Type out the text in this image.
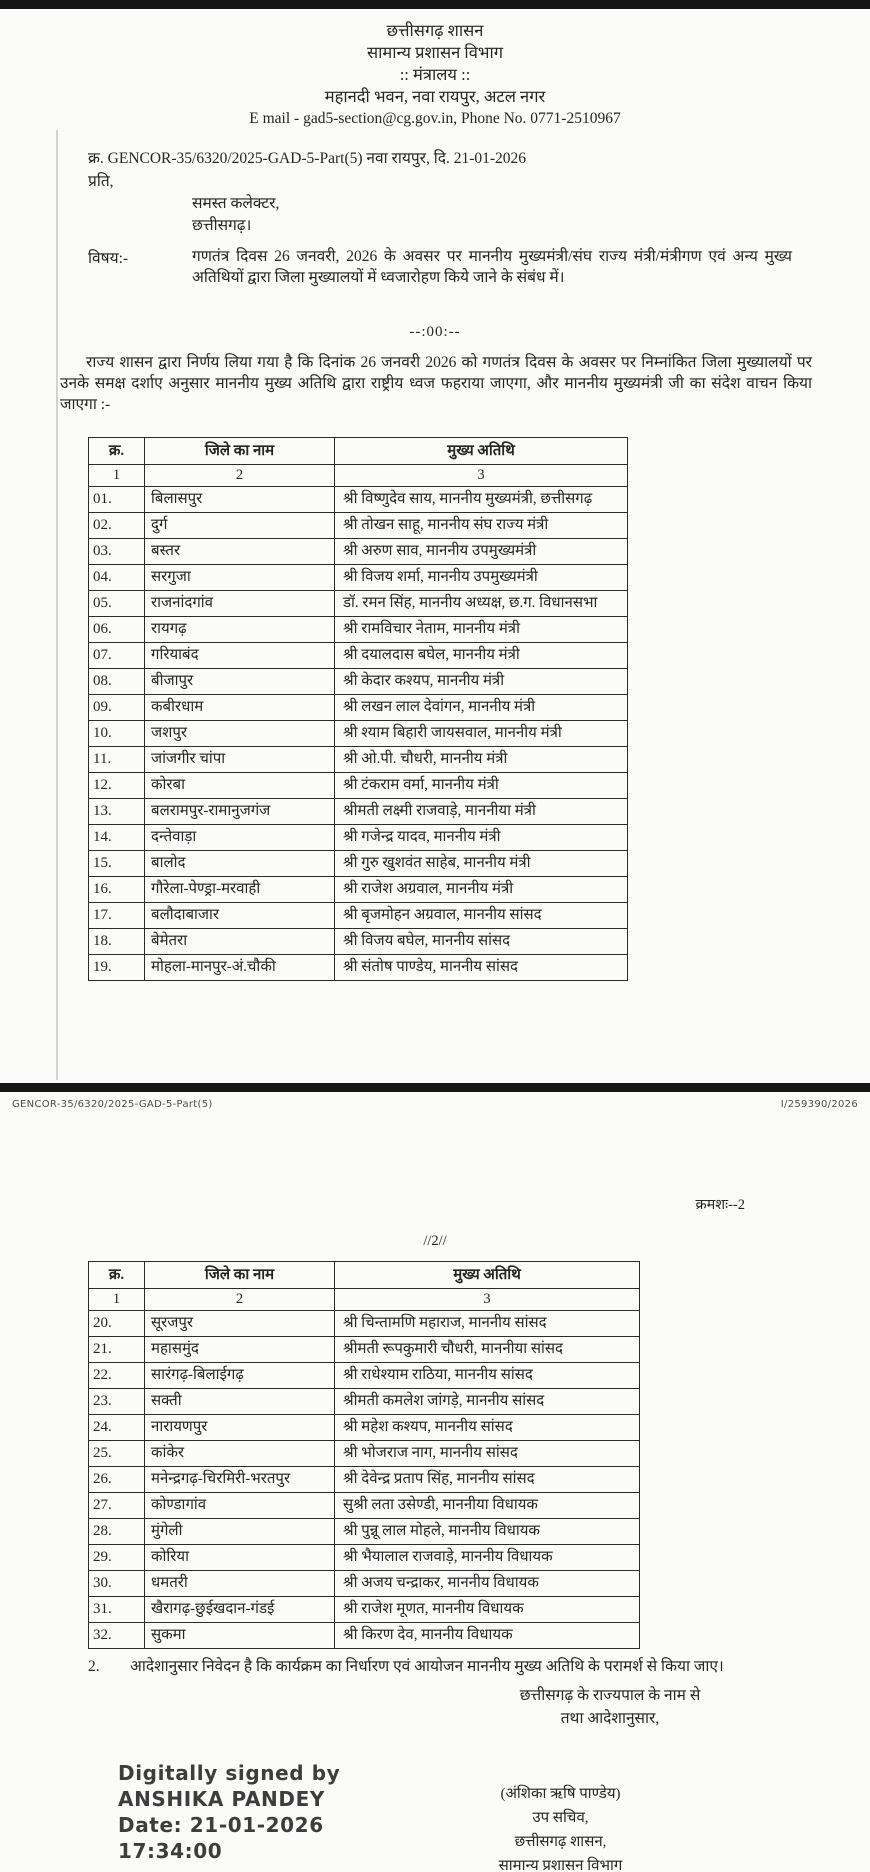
छत्तीसगढ़ शासन
सामान्य प्रशासन विभाग
:: मंत्रालय ::
महानदी भवन, नवा रायपुर, अटल नगर
E mail - gad5-section@cg.gov.in, Phone No. 0771-2510967
क्र. GENCOR-35/6320/2025-GAD-5-Part(5) नवा रायपुर, दि. 21-01-2026
प्रति,
समस्त कलेक्टर,
छत्तीसगढ़।
विषय:-	गणतंत्र दिवस 26 जनवरी, 2026 के अवसर पर माननीय मुख्यमंत्री/संघ राज्य मंत्री/मंत्रीगण एवं अन्य मुख्य अतिथियों द्वारा जिला मुख्यालयों में ध्वजारोहण किये जाने के संबंध में।
--:00:--
राज्य शासन द्वारा निर्णय लिया गया है कि दिनांक 26 जनवरी 2026 को गणतंत्र दिवस के अवसर पर निम्नांकित जिला मुख्यालयों पर उनके समक्ष दर्शाए अनुसार माननीय मुख्य अतिथि द्वारा राष्ट्रीय ध्वज फहराया जाएगा, और माननीय मुख्यमंत्री जी का संदेश वाचन किया जाएगा :-
क्र.	जिले का नाम	मुख्य अतिथि
1	2	3
01.	बिलासपुर	श्री विष्णुदेव साय, माननीय मुख्यमंत्री, छत्तीसगढ़
02.	दुर्ग	श्री तोखन साहू, माननीय संघ राज्य मंत्री
03.	बस्तर	श्री अरुण साव, माननीय उपमुख्यमंत्री
04.	सरगुजा	श्री विजय शर्मा, माननीय उपमुख्यमंत्री
05.	राजनांदगांव	डॉ. रमन सिंह, माननीय अध्यक्ष, छ.ग. विधानसभा
06.	रायगढ़	श्री रामविचार नेताम, माननीय मंत्री
07.	गरियाबंद	श्री दयालदास बघेल, माननीय मंत्री
08.	बीजापुर	श्री केदार कश्यप, माननीय मंत्री
09.	कबीरधाम	श्री लखन लाल देवांगन, माननीय मंत्री
10.	जशपुर	श्री श्याम बिहारी जायसवाल, माननीय मंत्री
11.	जांजगीर चांपा	श्री ओ.पी. चौधरी, माननीय मंत्री
12.	कोरबा	श्री टंकराम वर्मा, माननीय मंत्री
13.	बलरामपुर-रामानुजगंज	श्रीमती लक्ष्मी राजवाड़े, माननीया मंत्री
14.	दन्तेवाड़ा	श्री गजेन्द्र यादव, माननीय मंत्री
15.	बालोद	श्री गुरु खुशवंत साहेब, माननीय मंत्री
16.	गौरेला-पेण्ड्रा-मरवाही	श्री राजेश अग्रवाल, माननीय मंत्री
17.	बलौदाबाजार	श्री बृजमोहन अग्रवाल, माननीय सांसद
18.	बेमेतरा	श्री विजय बघेल, माननीय सांसद
19.	मोहला-मानपुर-अं.चौकी	श्री संतोष पाण्डेय, माननीय सांसद
GENCOR-35/6320/2025-GAD-5-Part(5)	I/259390/2026
क्रमशः--2
//2//
क्र.	जिले का नाम	मुख्य अतिथि
1	2	3
20.	सूरजपुर	श्री चिन्तामणि महाराज, माननीय सांसद
21.	महासमुंद	श्रीमती रूपकुमारी चौधरी, माननीया सांसद
22.	सारंगढ़-बिलाईगढ़	श्री राधेश्याम राठिया, माननीय सांसद
23.	सक्ती	श्रीमती कमलेश जांगड़े, माननीय सांसद
24.	नारायणपुर	श्री महेश कश्यप, माननीय सांसद
25.	कांकेर	श्री भोजराज नाग, माननीय सांसद
26.	मनेन्द्रगढ़-चिरमिरी-भरतपुर	श्री देवेन्द्र प्रताप सिंह, माननीय सांसद
27.	कोण्डागांव	सुश्री लता उसेण्डी, माननीया विधायक
28.	मुंगेली	श्री पुन्नू लाल मोहले, माननीय विधायक
29.	कोरिया	श्री भैयालाल राजवाड़े, माननीय विधायक
30.	धमतरी	श्री अजय चन्द्राकर, माननीय विधायक
31.	खैरागढ़-छुईखदान-गंडई	श्री राजेश मूणत, माननीय विधायक
32.	सुकमा	श्री किरण देव, माननीय विधायक
2. आदेशानुसार निवेदन है कि कार्यक्रम का निर्धारण एवं आयोजन माननीय मुख्य अतिथि के परामर्श से किया जाए।
छत्तीसगढ़ के राज्यपाल के नाम से
तथा आदेशानुसार,
Digitally signed by
ANSHIKA PANDEY
Date: 21-01-2026
17:34:00
(अंशिका ऋषि पाण्डेय)
उप सचिव,
छत्तीसगढ़ शासन,
सामान्य प्रशासन विभाग
